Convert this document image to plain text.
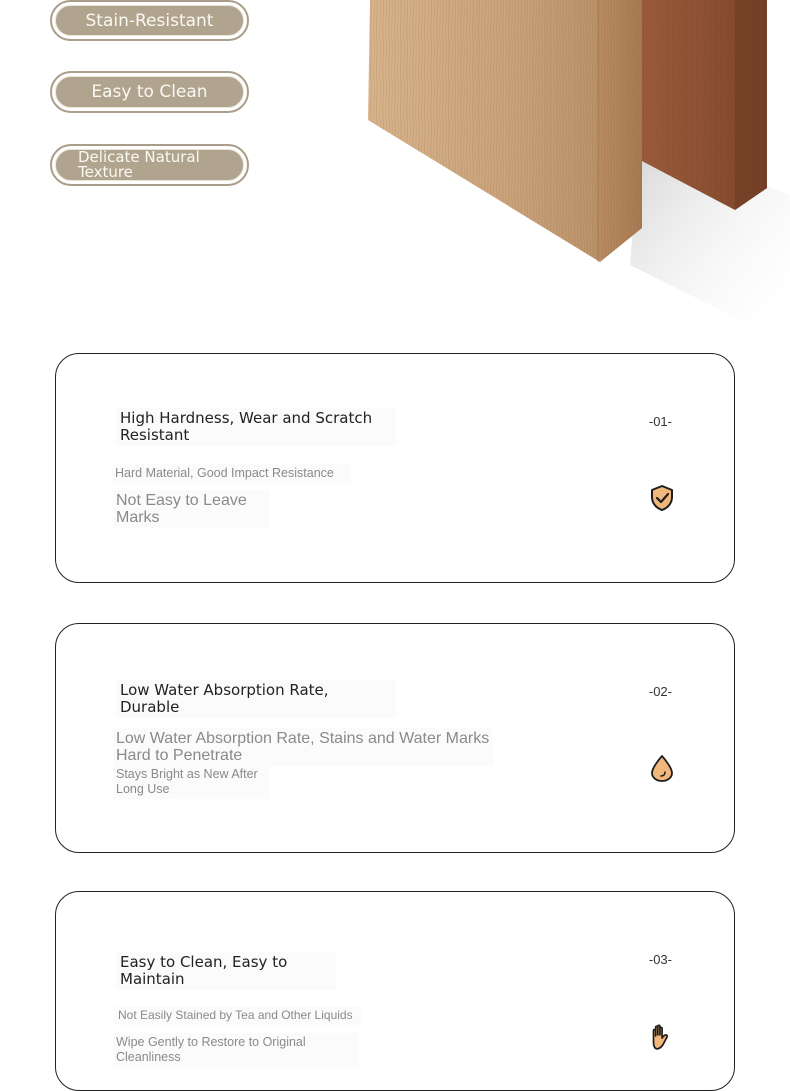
Stain-Resistant
Easy to Clean
Delicate Natural Texture
High Hardness, Wear and Scratch Resistant
-01-
Hard Material, Good Impact Resistance
Not Easy to Leave Marks
Low Water Absorption Rate, Durable
-02-
Low Water Absorption Rate, Stains and Water Marks Hard to Penetrate
Stays Bright as New After Long Use
Easy to Clean, Easy to Maintain
-03-
Not Easily Stained by Tea and Other Liquids
Wipe Gently to Restore to Original Cleanliness
